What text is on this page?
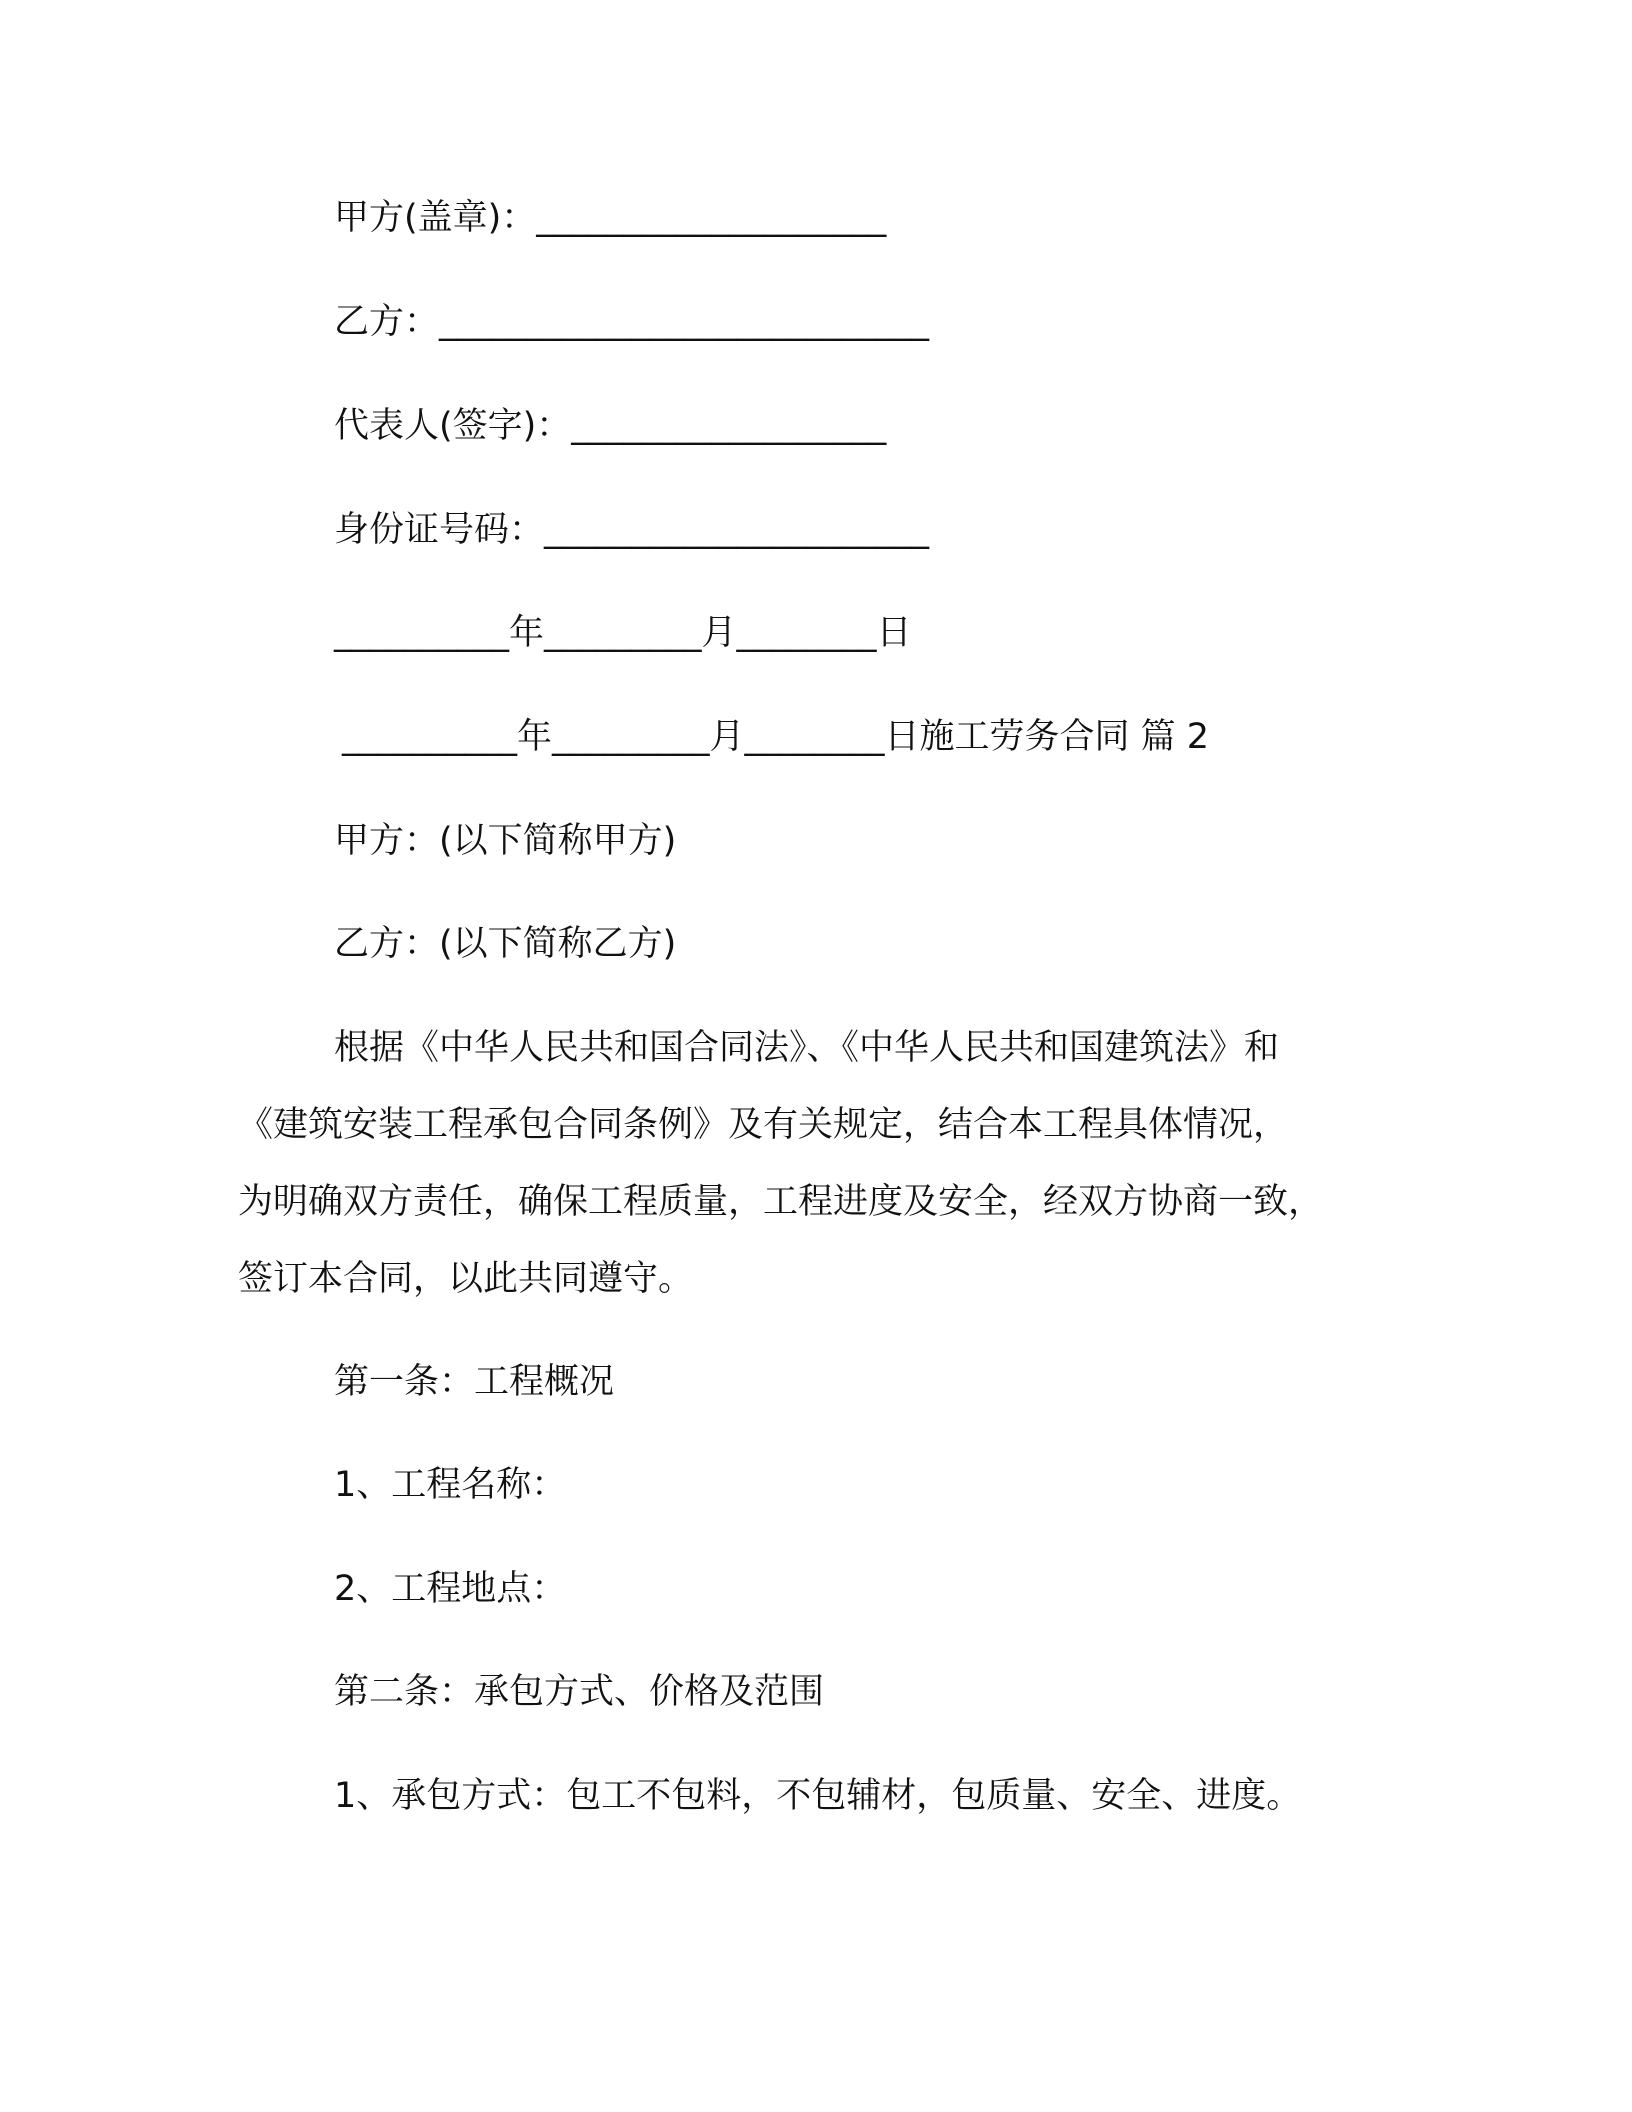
甲方(盖章)：____________________
乙方：____________________________
代表人(签字)：__________________
身份证号码：______________________
__________年_________月________日
__________年_________月________日施工劳务合同 篇 2
甲方：(以下简称甲方)
乙方：(以下简称乙方)
根据《中华人民共和国合同法》、《中华人民共和国建筑法》和
《建筑安装工程承包合同条例》及有关规定，结合本工程具体情况，
为明确双方责任，确保工程质量，工程进度及安全，经双方协商一致，
签订本合同，以此共同遵守。
第一条：工程概况
1、工程名称：
2、工程地点：
第二条：承包方式、价格及范围
1、承包方式：包工不包料，不包辅材，包质量、安全、进度。
